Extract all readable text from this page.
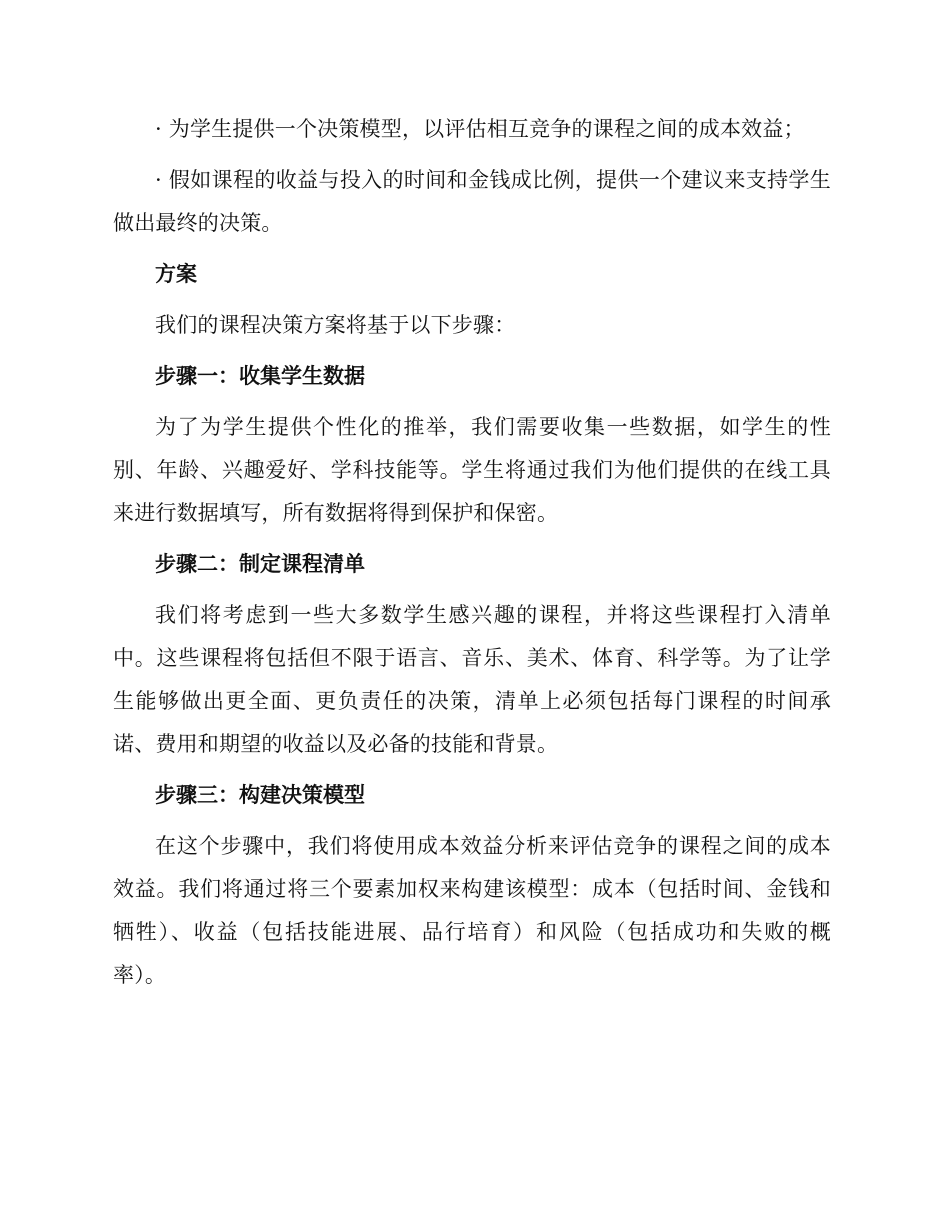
· 为学生提供一个决策模型，以评估相互竞争的课程之间的成本效益；

· 假如课程的收益与投入的时间和金钱成比例，提供一个建议来支持学生做出最终的决策。

方案

我们的课程决策方案将基于以下步骤：

步骤一：收集学生数据

为了为学生提供个性化的推举，我们需要收集一些数据，如学生的性别、年龄、兴趣爱好、学科技能等。学生将通过我们为他们提供的在线工具来进行数据填写，所有数据将得到保护和保密。

步骤二：制定课程清单

我们将考虑到一些大多数学生感兴趣的课程，并将这些课程打入清单中。这些课程将包括但不限于语言、音乐、美术、体育、科学等。为了让学生能够做出更全面、更负责任的决策，清单上必须包括每门课程的时间承诺、费用和期望的收益以及必备的技能和背景。

步骤三：构建决策模型

在这个步骤中，我们将使用成本效益分析来评估竞争的课程之间的成本效益。我们将通过将三个要素加权来构建该模型：成本（包括时间、金钱和牺牲）、收益（包括技能进展、品行培育）和风险（包括成功和失败的概率）。
